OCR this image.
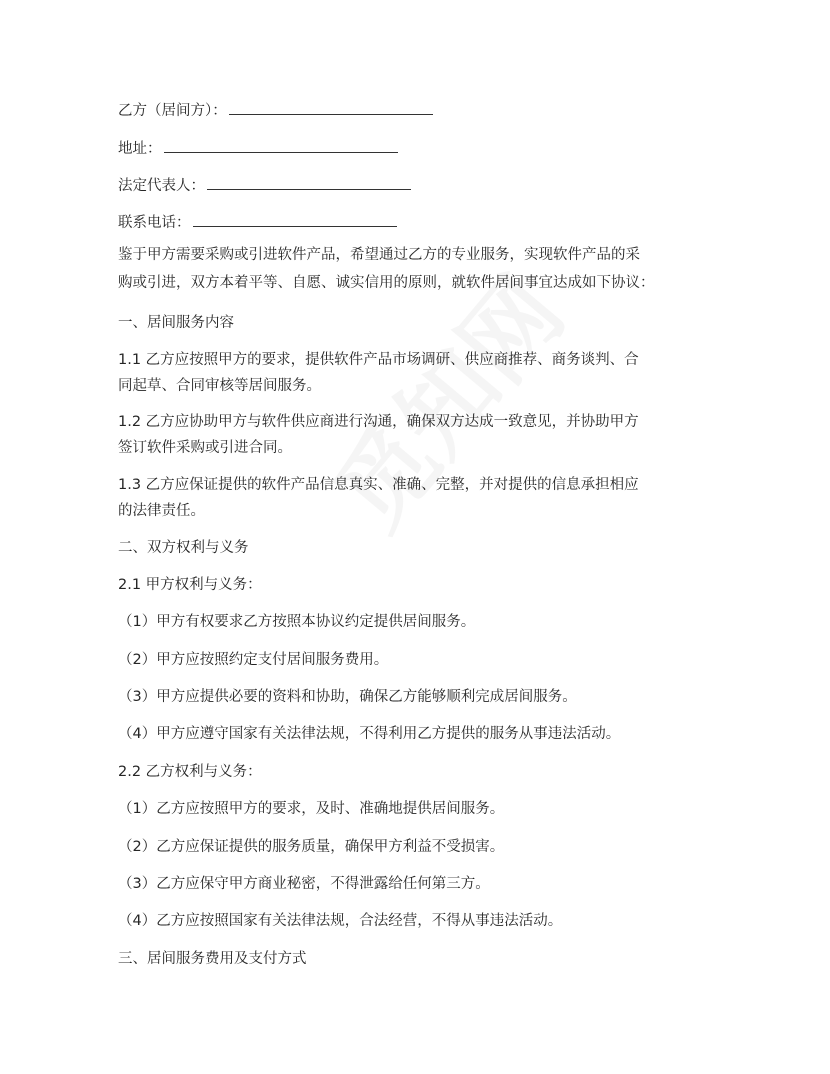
乙方（居间方）：
地址：
法定代表人：
联系电话：
鉴于甲方需要采购或引进软件产品，希望通过乙方的专业服务，实现软件产品的采
购或引进，双方本着平等、自愿、诚实信用的原则，就软件居间事宜达成如下协议：
一、居间服务内容
1.1 乙方应按照甲方的要求，提供软件产品市场调研、供应商推荐、商务谈判、合
同起草、合同审核等居间服务。
1.2 乙方应协助甲方与软件供应商进行沟通，确保双方达成一致意见，并协助甲方
签订软件采购或引进合同。
1.3 乙方应保证提供的软件产品信息真实、准确、完整，并对提供的信息承担相应
的法律责任。
二、双方权利与义务
2.1 甲方权利与义务：
（1）甲方有权要求乙方按照本协议约定提供居间服务。
（2）甲方应按照约定支付居间服务费用。
（3）甲方应提供必要的资料和协助，确保乙方能够顺利完成居间服务。
（4）甲方应遵守国家有关法律法规，不得利用乙方提供的服务从事违法活动。
2.2 乙方权利与义务：
（1）乙方应按照甲方的要求，及时、准确地提供居间服务。
（2）乙方应保证提供的服务质量，确保甲方利益不受损害。
（3）乙方应保守甲方商业秘密，不得泄露给任何第三方。
（4）乙方应按照国家有关法律法规，合法经营，不得从事违法活动。
三、居间服务费用及支付方式
